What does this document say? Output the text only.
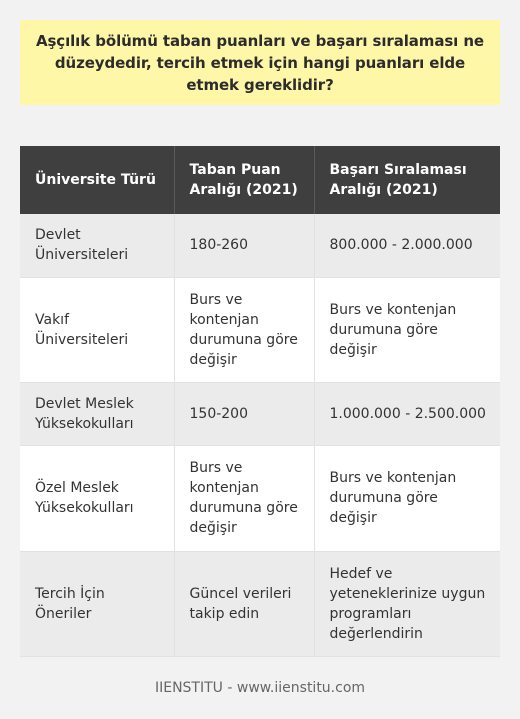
Aşçılık bölümü taban puanları ve başarı sıralaması ne düzeydedir, tercih etmek için hangi puanları elde etmek gereklidir?
Üniversite Türü	Taban Puan Aralığı (2021)	Başarı Sıralaması Aralığı (2021)
Devlet Üniversiteleri	180-260	800.000 - 2.000.000
Vakıf Üniversiteleri	Burs ve kontenjan durumuna göre değişir	Burs ve kontenjan durumuna göre değişir
Devlet Meslek Yüksekokulları	150-200	1.000.000 - 2.500.000
Özel Meslek Yüksekokulları	Burs ve kontenjan durumuna göre değişir	Burs ve kontenjan durumuna göre değişir
Tercih İçin Öneriler	Güncel verileri takip edin	Hedef ve yeteneklerinize uygun programları değerlendirin
IIENSTITU - www.iienstitu.com
